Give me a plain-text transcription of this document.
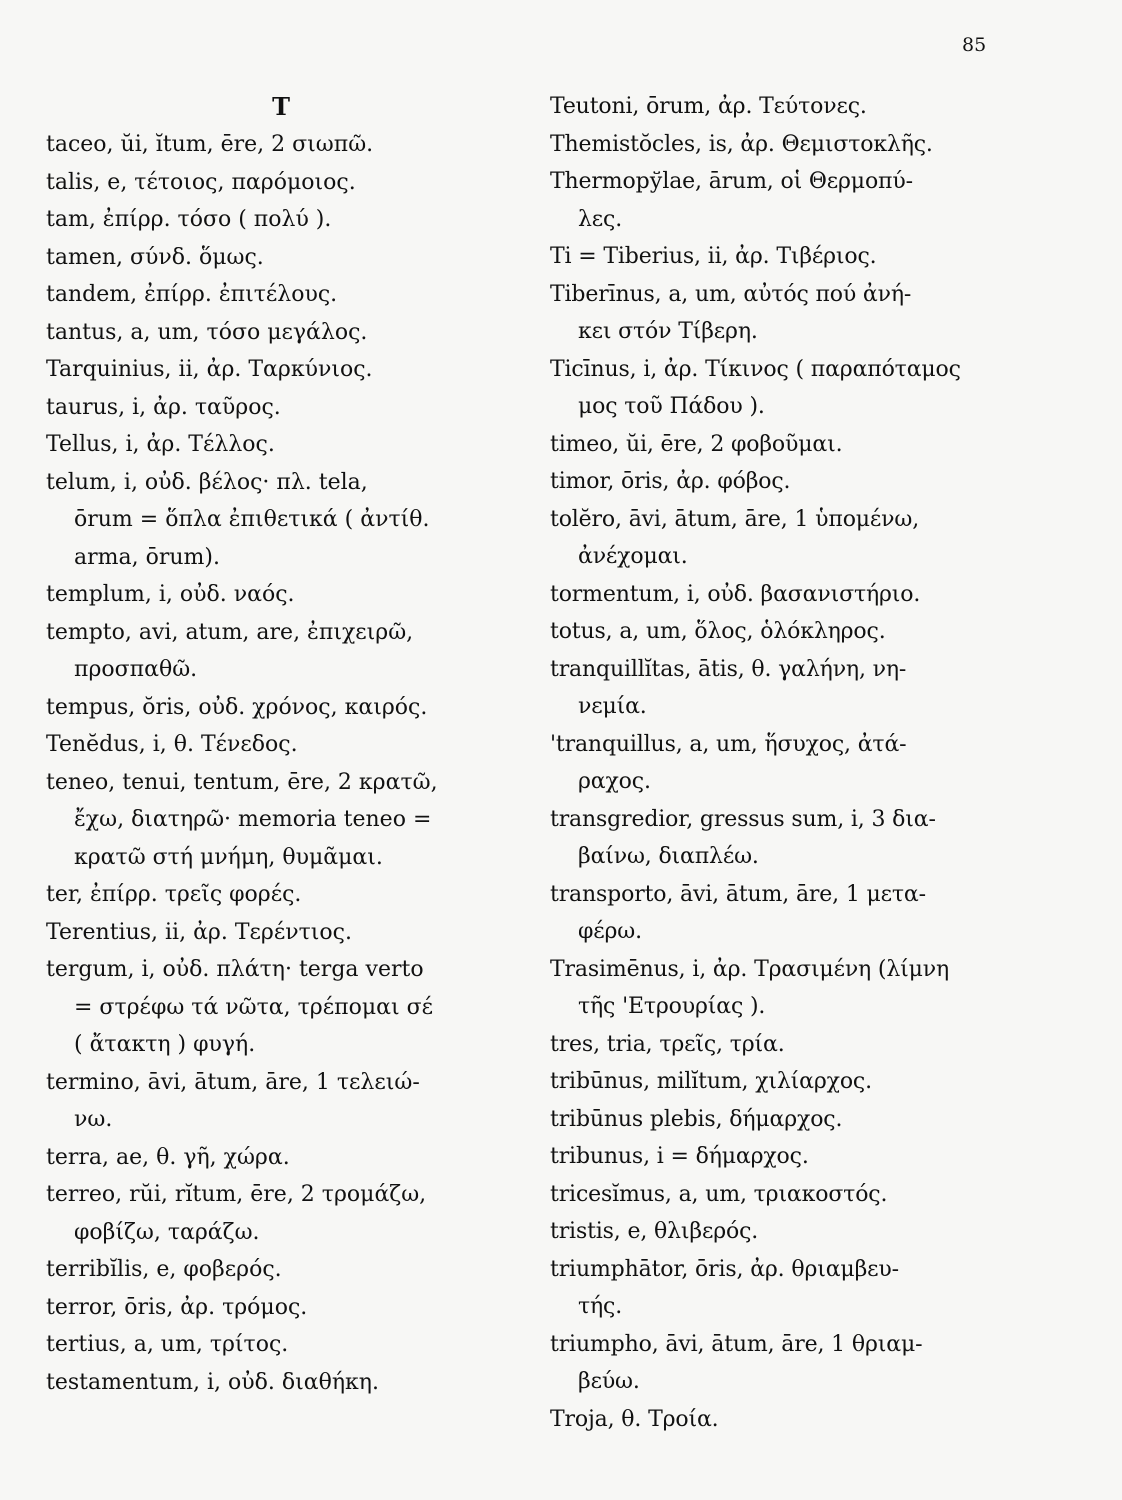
85
T
taceo, ŭi, ĭtum, ēre, 2 σιωπῶ.
talis, e, τέτοιος, παρόμοιος.
tam, ἐπίρρ. τόσο ( πολύ ).
tamen, σύνδ. ὅμως.
tandem, ἐπίρρ. ἐπιτέλους.
tantus, a, um, τόσο μεγάλος.
Tarquinius, ii, ἀρ. Ταρκύνιος.
taurus, i, ἀρ. ταῦρος.
Tellus, i, ἀρ. Τέλλος.
telum, i, οὐδ. βέλος· πλ. tela,
ōrum = ὅπλα ἐπιθετικά ( ἀντίθ.
arma, ōrum).
templum, i, οὐδ. ναός.
tempto, avi, atum, are, ἐπιχειρῶ,
προσπαθῶ.
tempus, ŏris, οὐδ. χρόνος, καιρός.
Tenĕdus, i, θ. Τένεδος.
teneo, tenui, tentum, ēre, 2 κρατῶ,
ἔχω, διατηρῶ· memoria teneo =
κρατῶ στή μνήμη, θυμᾶμαι.
ter, ἐπίρρ. τρεῖς φορές.
Terentius, ii, ἀρ. Τερέντιος.
tergum, i, οὐδ. πλάτη· terga verto
= στρέφω τά νῶτα, τρέπομαι σέ
( ἄτακτη ) φυγή.
termino, āvi, ātum, āre, 1 τελειώ-
νω.
terra, ae, θ. γῆ, χώρα.
terreo, rŭi, rĭtum, ēre, 2 τρομάζω,
φοβίζω, ταράζω.
terribĭlis, e, φοβερός.
terror, ōris, ἀρ. τρόμος.
tertius, a, um, τρίτος.
testamentum, i, οὐδ. διαθήκη.
Teutoni, ōrum, ἀρ. Τεύτονες.
Themistŏcles, is, ἀρ. Θεμιστοκλῆς.
Thermopўlae, ārum, οἱ Θερμοπύ-
λες.
Ti = Tiberius, ii, ἀρ. Τιβέριος.
Tiberīnus, a, um, αὐτός πού ἀνή-
κει στόν Τίβερη.
Ticīnus, i, ἀρ. Τίκινος ( παραπόταμος
μος τοῦ Πάδου ).
timeo, ŭi, ēre, 2 φοβοῦμαι.
timor, ōris, ἀρ. φόβος.
tolĕro, āvi, ātum, āre, 1 ὑπομένω,
ἀνέχομαι.
tormentum, i, οὐδ. βασανιστήριο.
totus, a, um, ὅλος, ὁλόκληρος.
tranquillĭtas, ātis, θ. γαλήνη, νη-
νεμία.
'tranquillus, a, um, ἥσυχος, ἀτά-
ραχος.
transgredior, gressus sum, i, 3 δια-
βαίνω, διαπλέω.
transporto, āvi, ātum, āre, 1 μετα-
φέρω.
Trasimēnus, i, ἀρ. Τρασιμένη (λίμνη
τῆς 'Ετρουρίας ).
tres, tria, τρεῖς, τρία.
tribūnus, milĭtum, χιλίαρχος.
tribūnus plebis, δήμαρχος.
tribunus, i = δήμαρχος.
tricesĭmus, a, um, τριακοστός.
tristis, e, θλιβερός.
triumphātor, ōris, ἀρ. θριαμβευ-
τής.
triumpho, āvi, ātum, āre, 1 θριαμ-
βεύω.
Troja, θ. Τροία.
